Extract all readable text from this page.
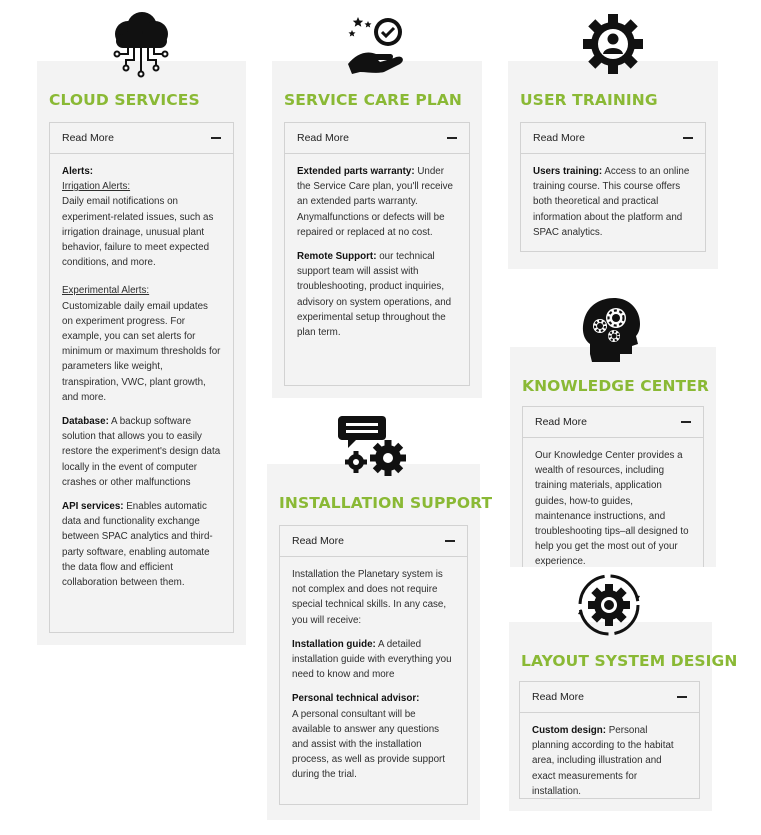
CLOUD SERVICES
Read More

Alerts:
Irrigation Alerts:
Daily email notifications on experiment-related issues, such as irrigation drainage, unusual plant behavior, failure to meet expected conditions, and more.

Experimental Alerts:
Customizable daily email updates on experiment progress. For example, you can set alerts for minimum or maximum thresholds for parameters like weight, transpiration, VWC, plant growth, and more.

Database: A backup software solution that allows you to easily restore the experiment's design data locally in the event of computer crashes or other malfunctions

API services: Enables automatic data and functionality exchange between SPAC analytics and third-party software, enabling automate the data flow and efficient collaboration between them.

SERVICE CARE PLAN
Read More

Extended parts warranty: Under the Service Care plan, you'll receive an extended parts warranty. Anymalfunctions or defects will be repaired or replaced at no cost.

Remote Support: our technical support team will assist with troubleshooting, product inquiries, advisory on system operations, and experimental setup throughout the plan term.

USER TRAINING
Read More

Users training: Access to an online training course. This course offers both theoretical and practical information about the platform and SPAC analytics.

KNOWLEDGE CENTER
Read More

Our Knowledge Center provides a wealth of resources, including training materials, application guides, how-to guides, maintenance instructions, and troubleshooting tips–all designed to help you get the most out of your experience.

INSTALLATION SUPPORT
Read More

Installation the Planetary system is not complex and does not require special technical skills. In any case, you will receive:

Installation guide: A detailed installation guide with everything you need to know and more

Personal technical advisor:
A personal consultant will be available to answer any questions and assist with the installation process, as well as provide support during the trial.

LAYOUT SYSTEM DESIGN
Read More

Custom design: Personal planning according to the habitat area, including illustration and exact measurements for installation.
